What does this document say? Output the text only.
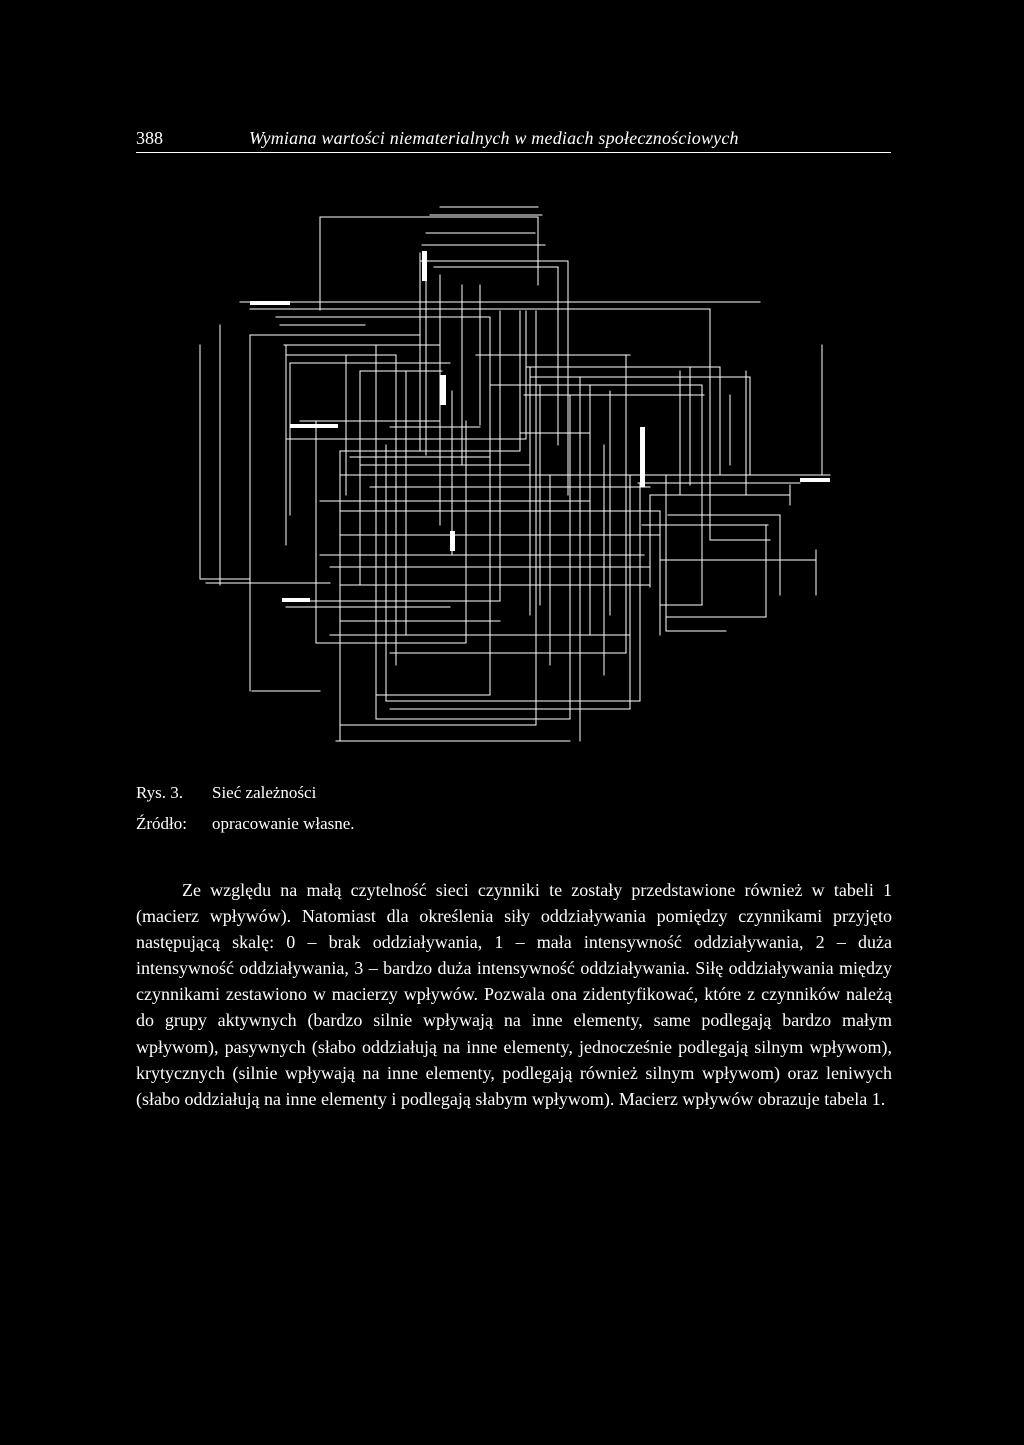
388	Wymiana wartości niematerialnych w mediach społecznościowych
Rys. 3. Sieć zależności
Źródło: opracowanie własne.

Ze względu na małą czytelność sieci czynniki te zostały przedstawione również w tabeli 1 (macierz wpływów). Natomiast dla określenia siły oddziaływania pomiędzy czynnikami przyjęto następującą skalę: 0 – brak oddziaływania, 1 – mała intensywność oddziaływania, 2 – duża intensywność oddziaływania, 3 – bardzo duża intensywność oddziaływania. Siłę oddziaływania między czynnikami zestawiono w macierzy wpływów. Pozwala ona zidentyfikować, które z czynników należą do grupy aktywnych (bardzo silnie wpływają na inne elementy, same podlegają bardzo małym wpływom), pasywnych (słabo oddziałują na inne elementy, jednocześnie podlegają silnym wpływom), krytycznych (silnie wpływają na inne elementy, podlegają również silnym wpływom) oraz leniwych (słabo oddziałują na inne elementy i podlegają słabym wpływom). Macierz wpływów obrazuje tabela 1.
